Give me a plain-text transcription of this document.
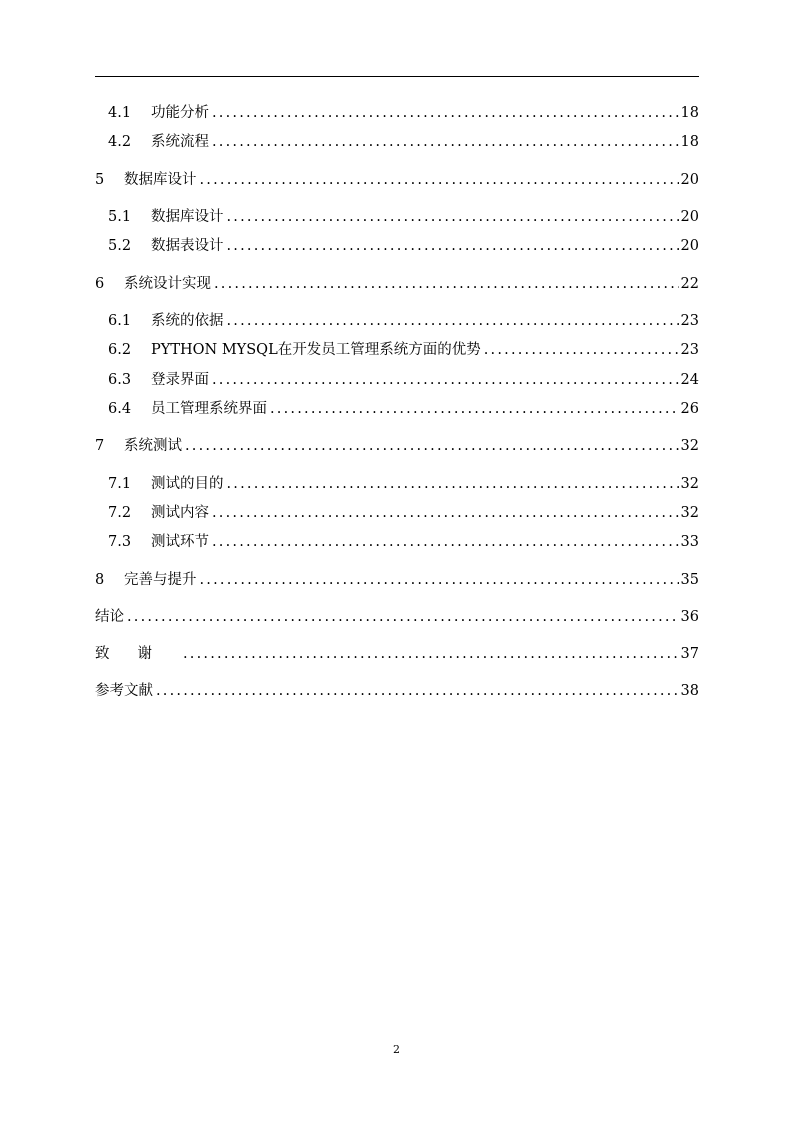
4.1	功能分析 .....	18
4.2	系统流程 .....	18
5	数据库设计 .....	20
5.1	数据库设计 .....	20
5.2	数据表设计 .....	20
6	系统设计实现 .....	22
6.1	系统的依据 .....	23
6.2	PYTHON MYSQL在开发员工管理系统方面的优势 .....	23
6.3	登录界面 .....	24
6.4	员工管理系统界面 .....	26
7	系统测试 .....	32
7.1	测试的目的 .....	32
7.2	测试内容 .....	32
7.3	测试环节 .....	33
8	完善与提升 .....	35
结论 .....	36
致谢 .....	37
参考文献 .....	38
2
